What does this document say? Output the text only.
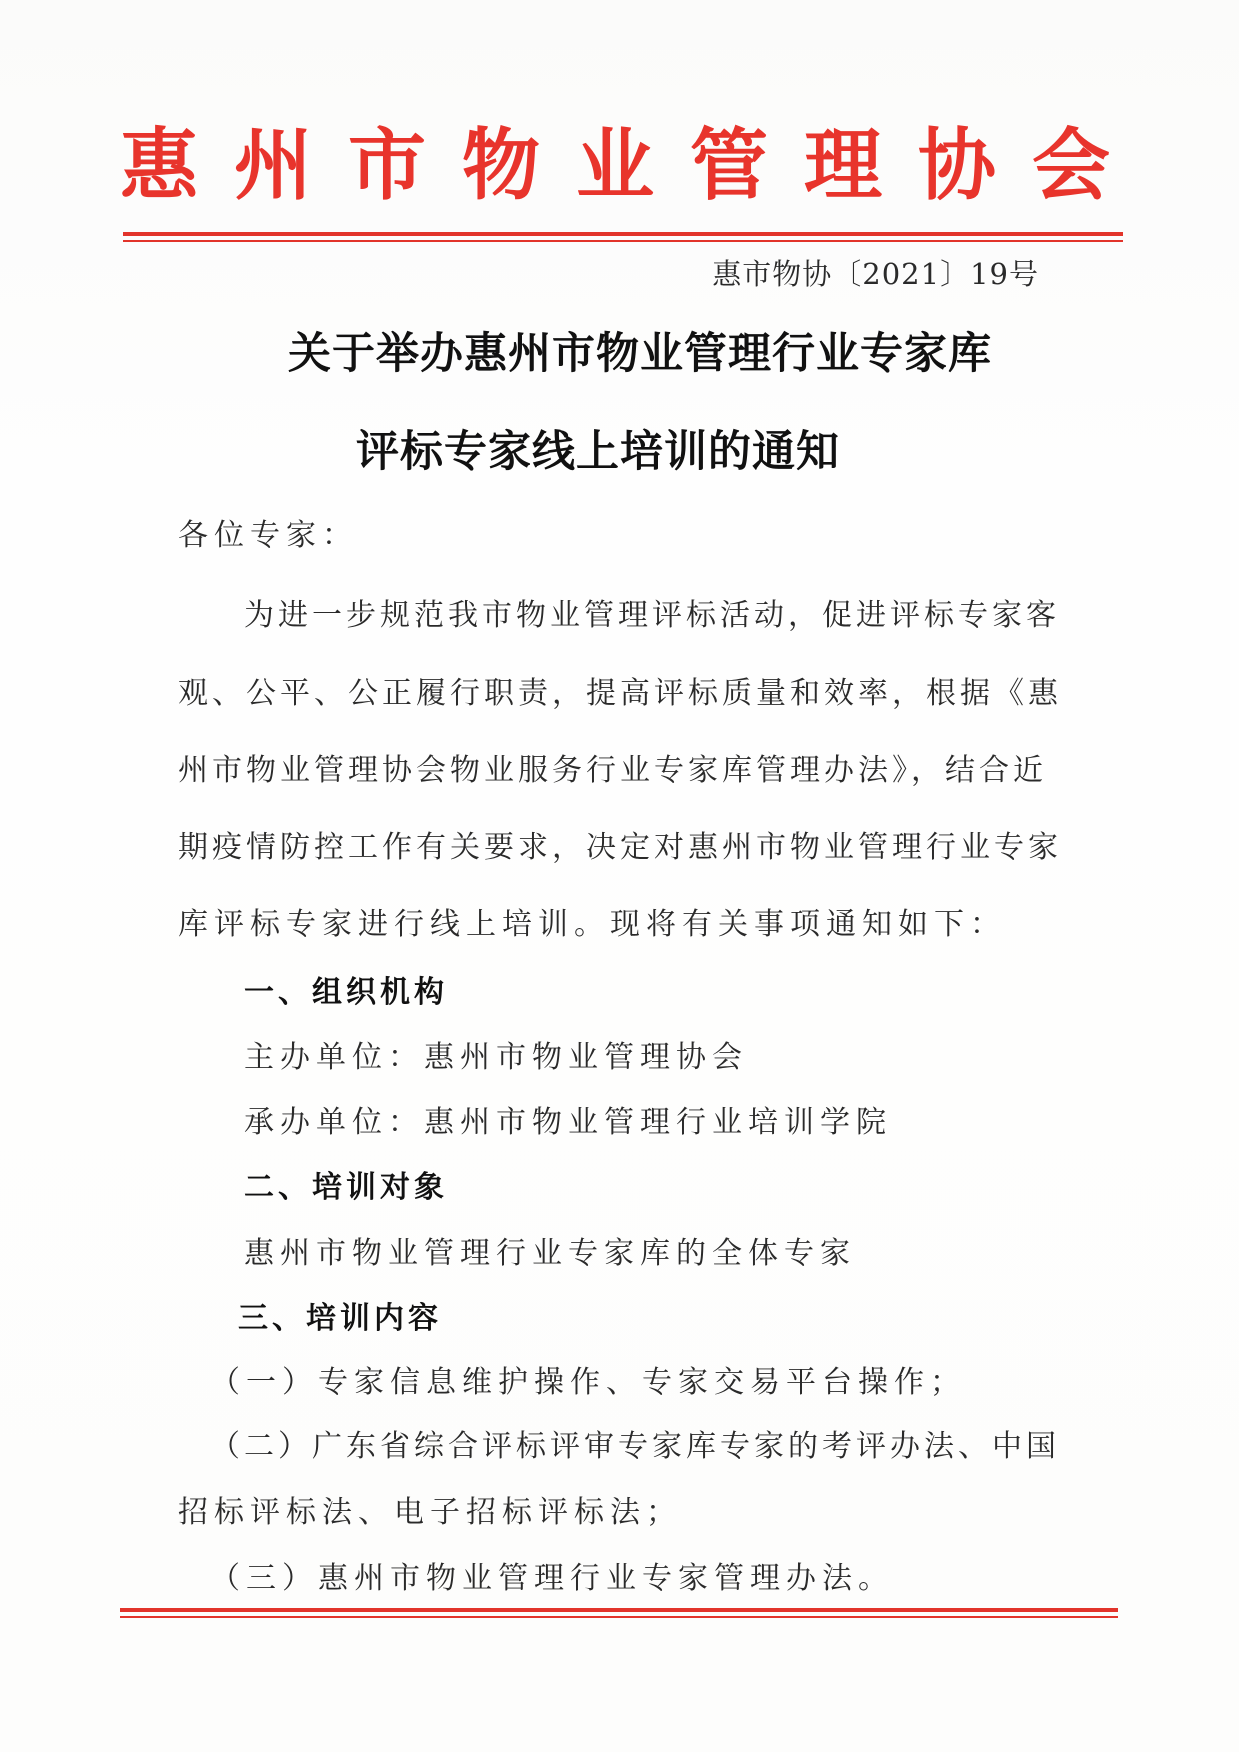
惠州市物业管理协会
惠市物协〔2021〕19号
关于举办惠州市物业管理行业专家库
评标专家线上培训的通知
各位专家：
为进一步规范我市物业管理评标活动，促进评标专家客
观、公平、公正履行职责，提高评标质量和效率，根据《惠
州市物业管理协会物业服务行业专家库管理办法》，结合近
期疫情防控工作有关要求，决定对惠州市物业管理行业专家
库评标专家进行线上培训。现将有关事项通知如下：
一、组织机构
主办单位：惠州市物业管理协会
承办单位：惠州市物业管理行业培训学院
二、培训对象
惠州市物业管理行业专家库的全体专家
三、培训内容
（一）专家信息维护操作、专家交易平台操作；
（二）广东省综合评标评审专家库专家的考评办法、中国
招标评标法、电子招标评标法；
（三）惠州市物业管理行业专家管理办法。
